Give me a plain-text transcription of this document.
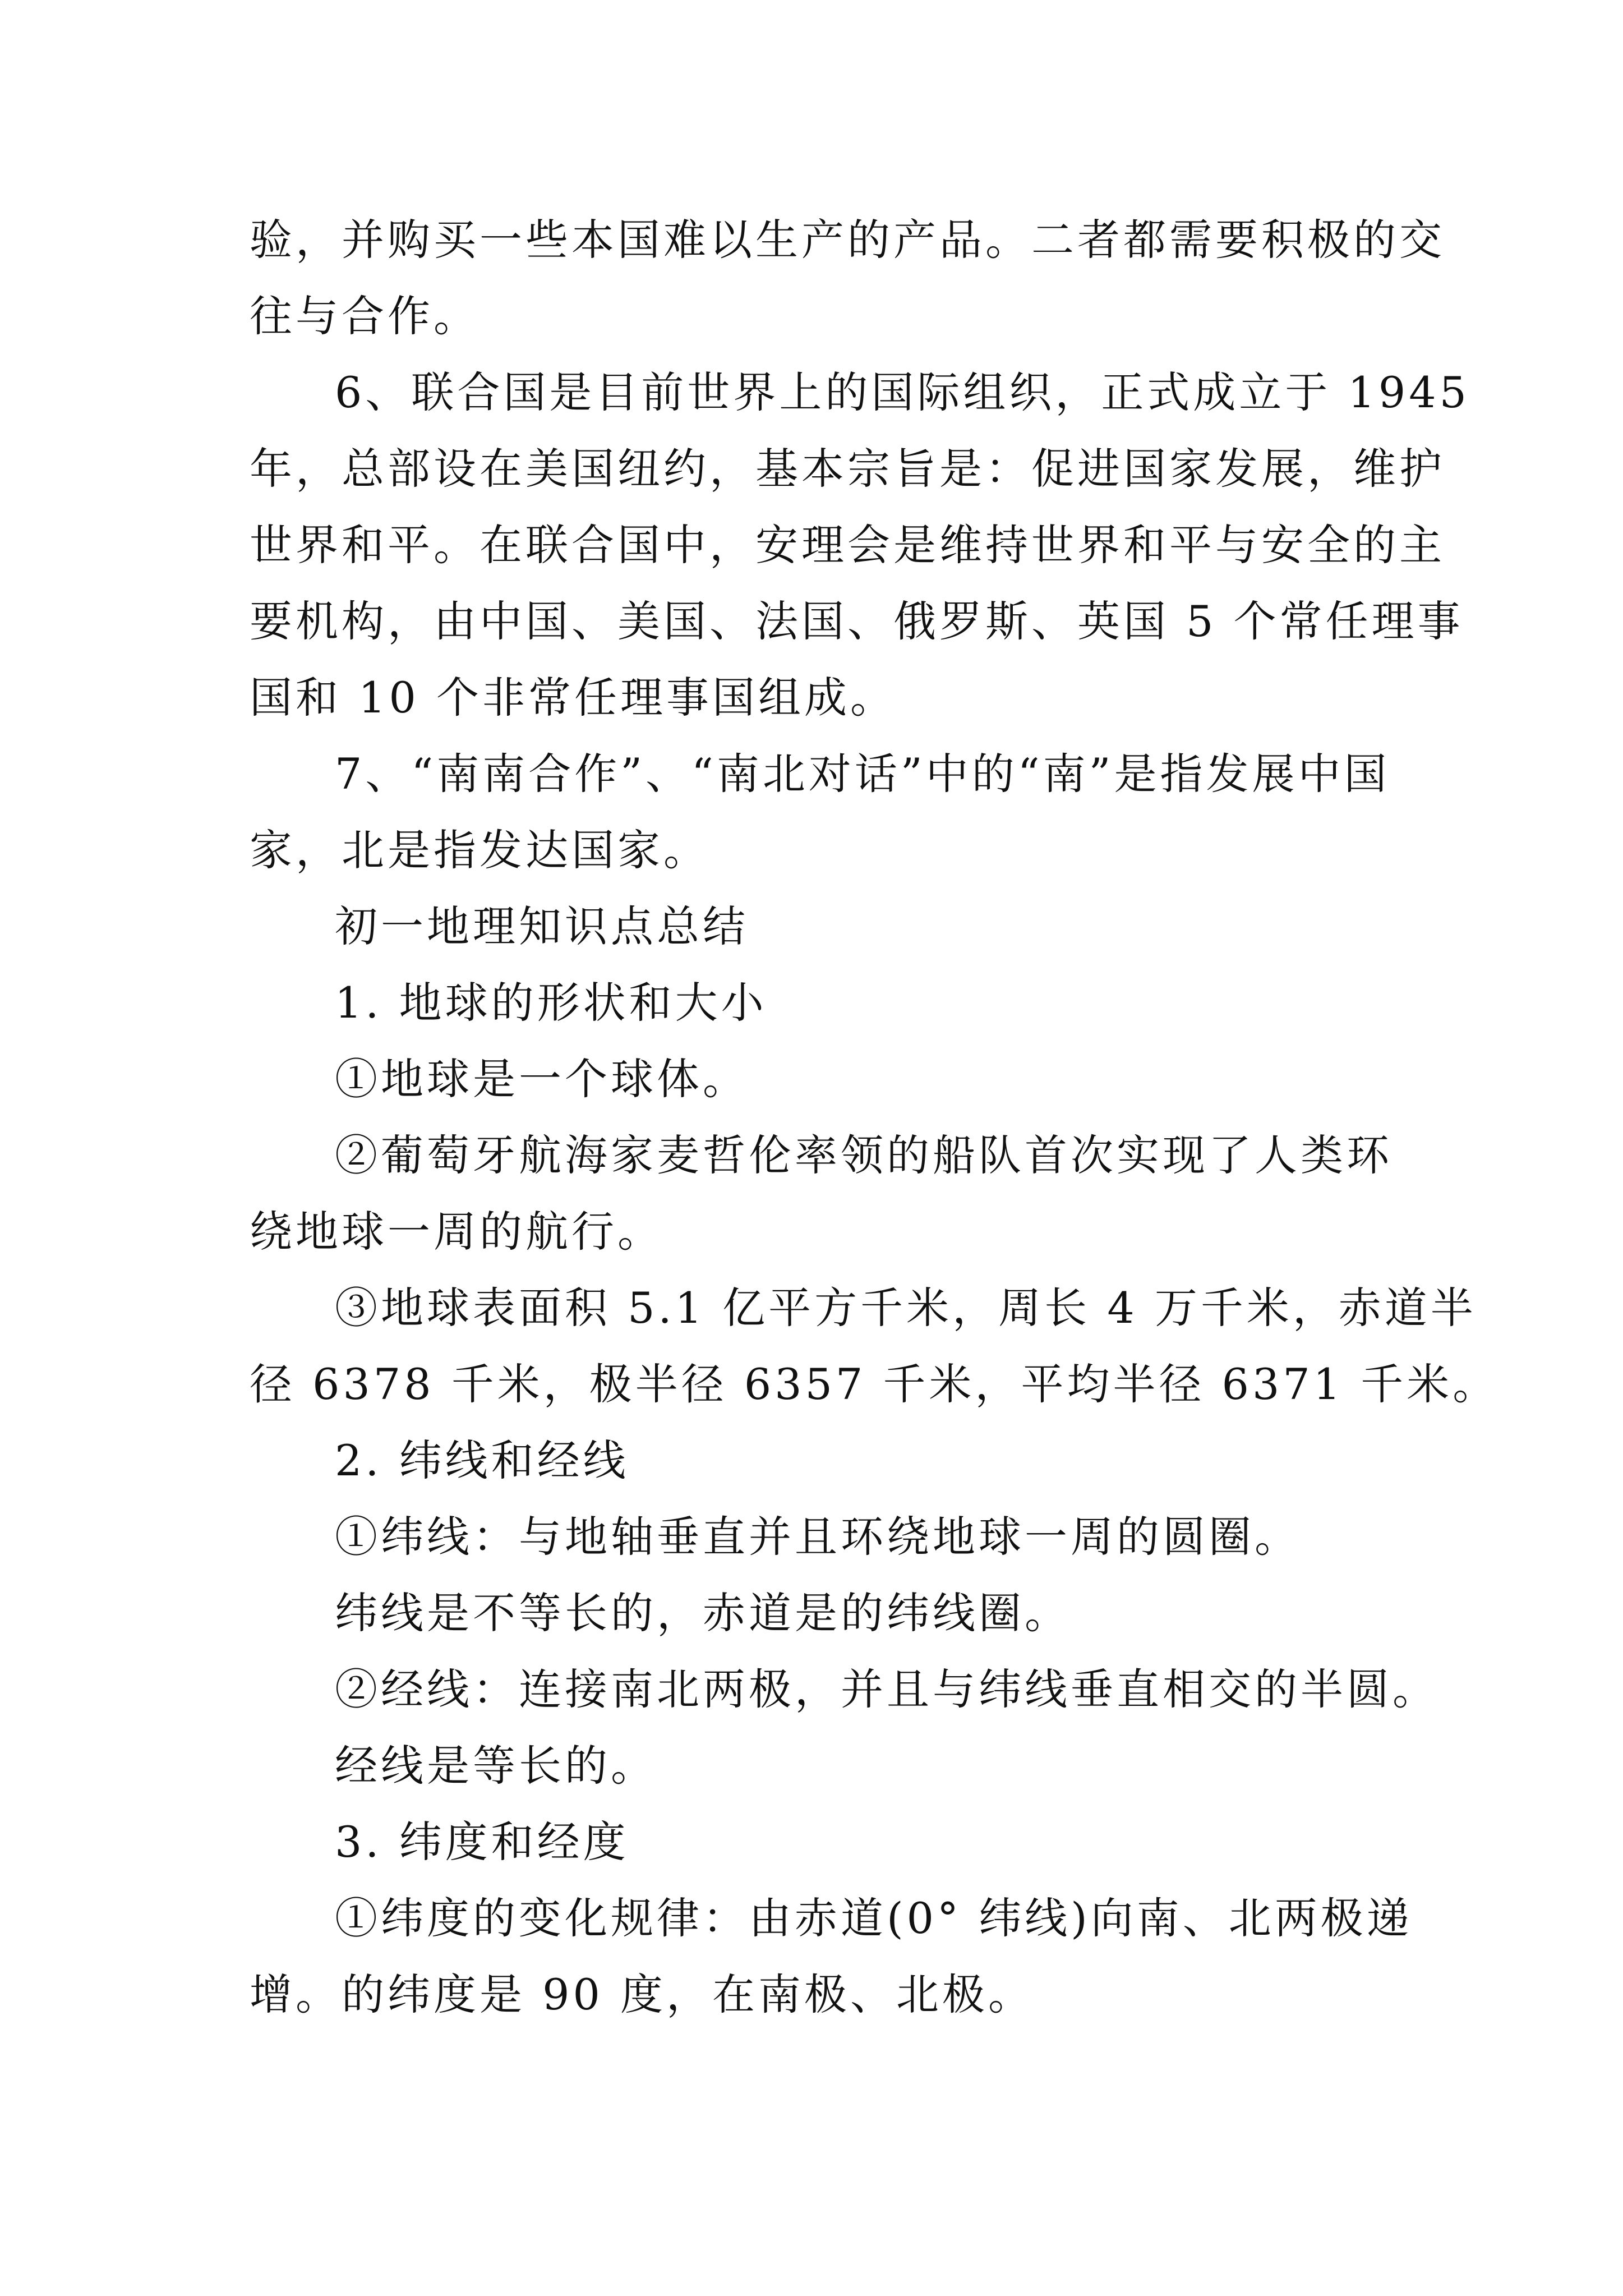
验，并购买一些本国难以生产的产品。二者都需要积极的交
往与合作。
6、联合国是目前世界上的国际组织，正式成立于 1945
年，总部设在美国纽约，基本宗旨是：促进国家发展，维护
世界和平。在联合国中，安理会是维持世界和平与安全的主
要机构，由中国、美国、法国、俄罗斯、英国 5 个常任理事
国和 10 个非常任理事国组成。
7、“南南合作”、“南北对话”中的“南”是指发展中国
家，北是指发达国家。
初一地理知识点总结
1. 地球的形状和大小
①地球是一个球体。
②葡萄牙航海家麦哲伦率领的船队首次实现了人类环
绕地球一周的航行。
③地球表面积 5.1 亿平方千米，周长 4 万千米，赤道半
径 6378 千米，极半径 6357 千米，平均半径 6371 千米。
2. 纬线和经线
①纬线：与地轴垂直并且环绕地球一周的圆圈。
纬线是不等长的，赤道是的纬线圈。
②经线：连接南北两极，并且与纬线垂直相交的半圆。
经线是等长的。
3. 纬度和经度
①纬度的变化规律：由赤道(0° 纬线)向南、北两极递
增。的纬度是 90 度，在南极、北极。
